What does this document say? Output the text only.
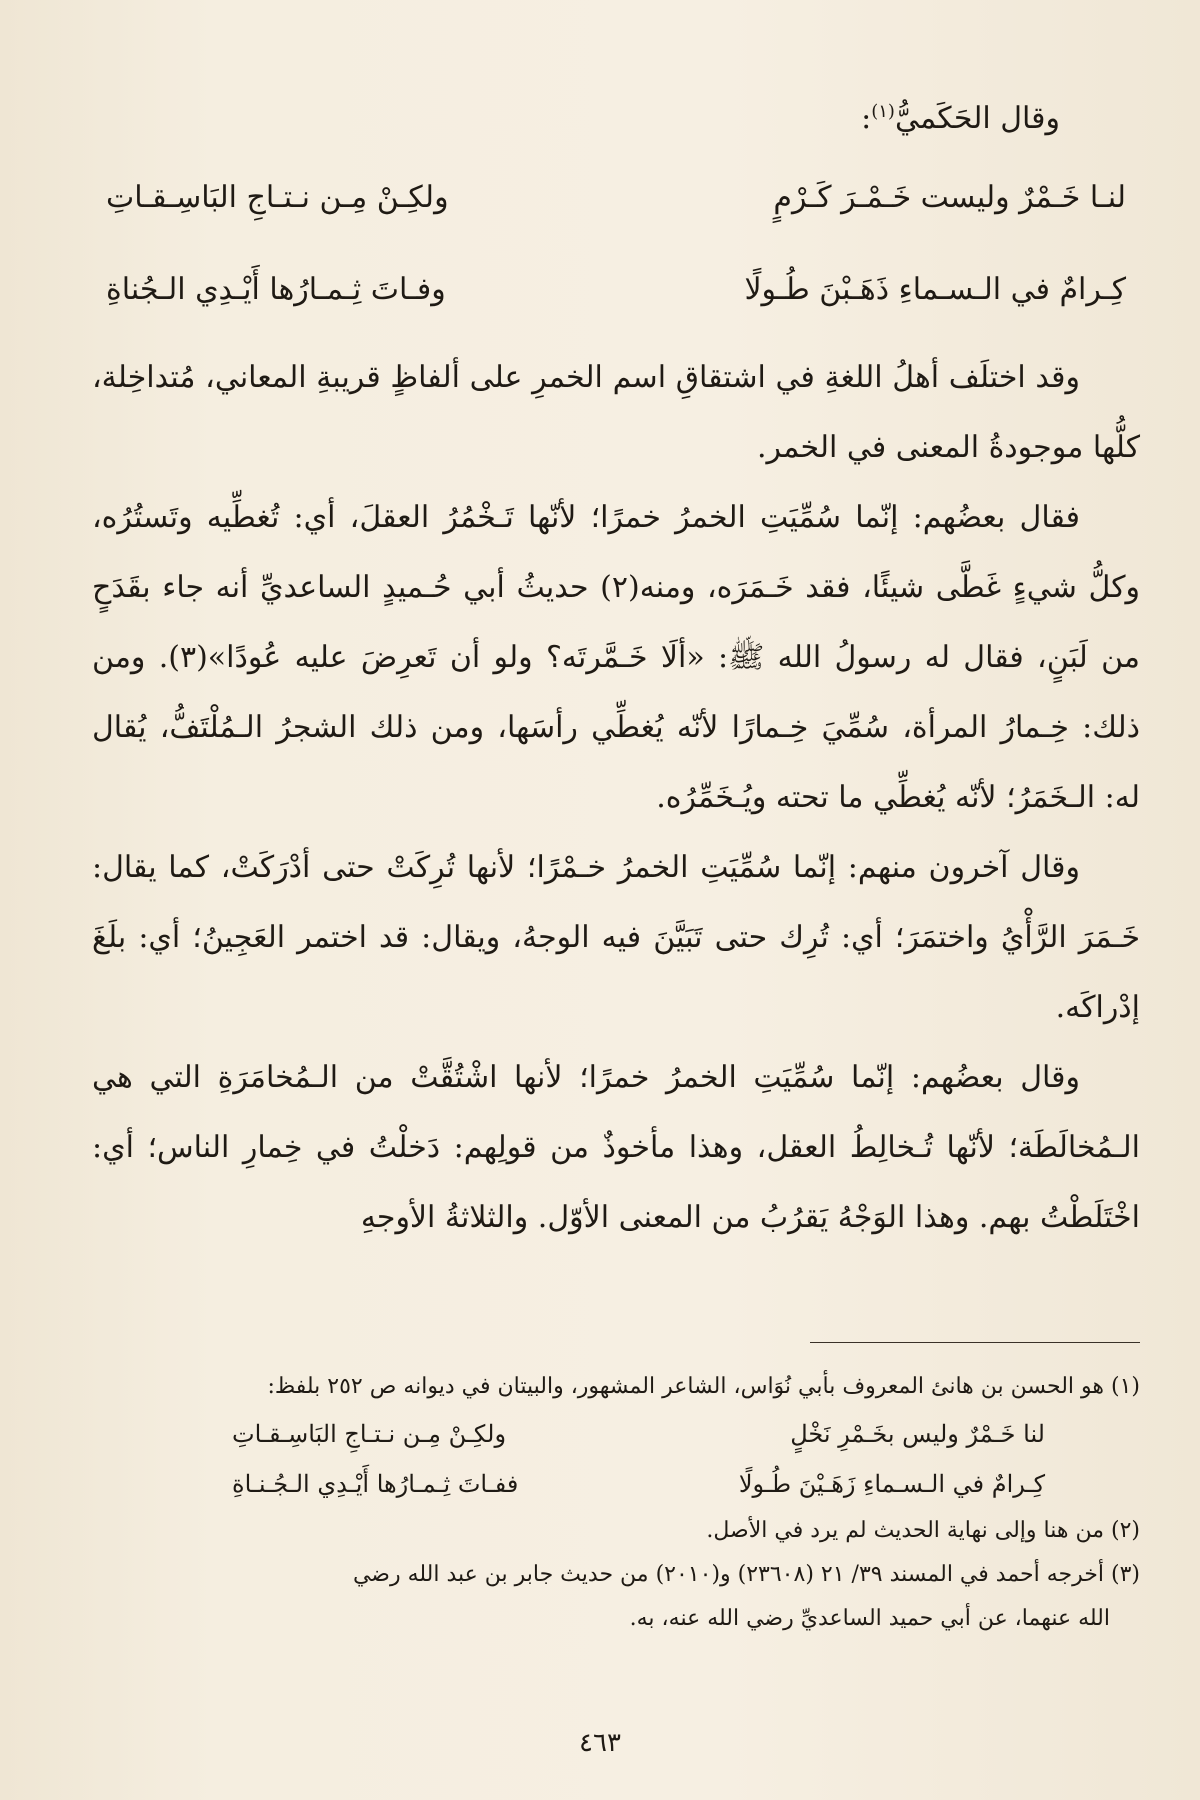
وقال الحَكَميُّ$^{(١)}$:

لنـا خَـمْرٌ وليست خَـمْـرَ كَـرْمٍ
ولكِـنْ مِـن نـتـاجِ البَاسِـقـاتِ
كِـرامٌ في الـسـماءِ ذَهَـبْنَ طُـولًا
وفـاتَ ثِـمـارُها أَيْـدِي الـجُناةِ

وقد اختلَف أهلُ اللغةِ في اشتقاقِ اسم الخمرِ على ألفاظٍ قريبةِ المعاني، مُتداخِلة، كلُّها موجودةُ المعنى في الخمر.

فقال بعضُهم: إنّما سُمِّيَتِ الخمرُ خمرًا؛ لأنّها تَـخْمُرُ العقلَ، أي: تُغطِّيه وتَستُرُه، وكلُّ شيءٍ غَطَّى شيئًا، فقد خَـمَرَه، ومنه(٢) حديثُ أبي حُـميدٍ الساعديِّ أنه جاء بقَدَحٍ من لَبَنٍ، فقال له رسولُ الله ﷺ: «ألَا خَـمَّرتَه؟ ولو أن تَعرِضَ عليه عُودًا»(٣). ومن ذلك: خِـمارُ المرأة، سُمِّيَ خِـمارًا لأنّه يُغطِّي رأسَها، ومن ذلك الشجرُ الـمُلْتَفُّ، يُقال له: الـخَمَرُ؛ لأنّه يُغطِّي ما تحته ويُـخَمِّرُه.

وقال آخرون منهم: إنّما سُمِّيَتِ الخمرُ خـمْرًا؛ لأنها تُرِكَتْ حتى أدْرَكَتْ، كما يقال: خَـمَرَ الرَّأْيُ واختمَرَ؛ أي: تُرِك حتى تَبَيَّنَ فيه الوجهُ، ويقال: قد اختمر العَجِينُ؛ أي: بلَغَ إدْراكَه.

وقال بعضُهم: إنّما سُمِّيَتِ الخمرُ خمرًا؛ لأنها اشْتُقَّتْ من الـمُخامَرَةِ التي هي الـمُخالَطَة؛ لأنّها تُـخالِطُ العقل، وهذا مأخوذٌ من قولِهم: دَخلْتُ في خِمارِ الناس؛ أي: اخْتَلَطْتُ بهم. وهذا الوَجْهُ يَقرُبُ من المعنى الأوّل. والثلاثةُ الأوجهِ

(١) هو الحسن بن هانئ المعروف بأبي نُوَاس، الشاعر المشهور، والبيتان في ديوانه ص ٢٥٢ بلفظ:

لنا خَـمْرٌ وليس بخَـمْرِ نَخْلٍ
ولكِـنْ مِـن نـتـاجِ البَاسِـقـاتِ
كِـرامٌ في الـسـماءِ زَهَـيْنَ طُـولًا
ففـاتَ ثِـمـارُها أَيْـدِي الـجُـنـاةِ

(٢) من هنا وإلى نهاية الحديث لم يرد في الأصل.

(٣) أخرجه أحمد في المسند ٣٩/ ٢١ (٢٣٦٠٨) و(٢٠١٠) من حديث جابر بن عبد الله رضي

الله عنهما، عن أبي حميد الساعديِّ رضي الله عنه، به.

٤٦٣
